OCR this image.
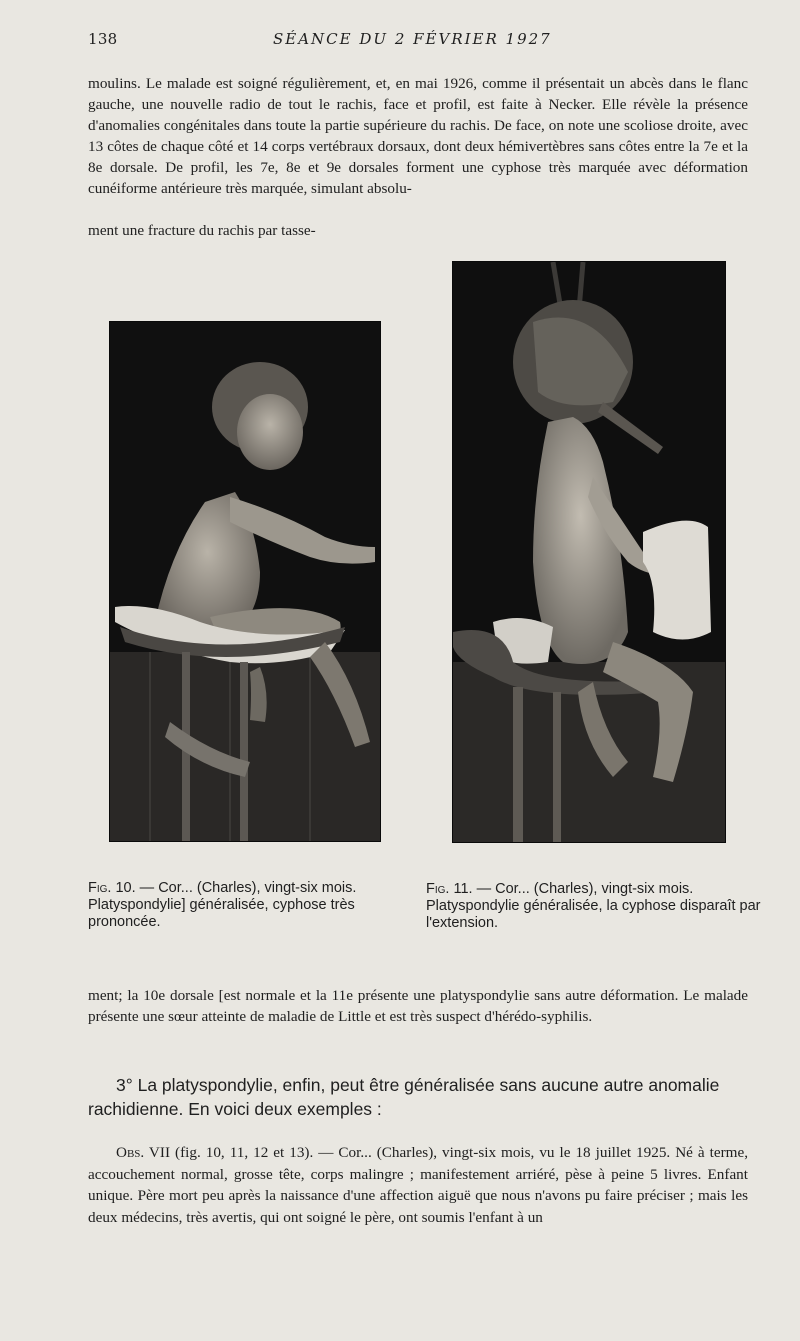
138	SÉANCE DU 2 FÉVRIER 1927

moulins. Le malade est soigné régulièrement, et, en mai 1926, comme il présentait un abcès dans le flanc gauche, une nouvelle radio de tout le rachis, face et profil, est faite à Necker. Elle révèle la présence d'anomalies congénitales dans toute la partie supérieure du rachis. De face, on note une scoliose droite, avec 13 côtes de chaque côté et 14 corps vertébraux dorsaux, dont deux hémivertèbres sans côtes entre la 7e et la 8e dorsale. De profil, les 7e, 8e et 9e dorsales forment une cyphose très marquée avec déformation cunéiforme antérieure très marquée, simulant absolu-

ment une fracture du rachis par tasse-

Fig. 10. — Cor... (Charles), vingt-six mois. Platyspondylie] généralisée, cyphose très prononcée.

Fig. 11. — Cor... (Charles), vingt-six mois. Platyspondylie généralisée, la cyphose disparaît par l'extension.

ment; la 10e dorsale [est normale et la 11e présente une platyspondylie sans autre déformation. Le malade présente une sœur atteinte de maladie de Little et est très suspect d'hérédo-syphilis.

3° La platyspondylie, enfin, peut être généralisée sans aucune autre anomalie rachidienne. En voici deux exemples :

Obs. VII (fig. 10, 11, 12 et 13). — Cor... (Charles), vingt-six mois, vu le 18 juillet 1925. Né à terme, accouchement normal, grosse tête, corps malingre ; manifestement arriéré, pèse à peine 5 livres. Enfant unique. Père mort peu après la naissance d'une affection aiguë que nous n'avons pu faire préciser ; mais les deux médecins, très avertis, qui ont soigné le père, ont soumis l'enfant à un
